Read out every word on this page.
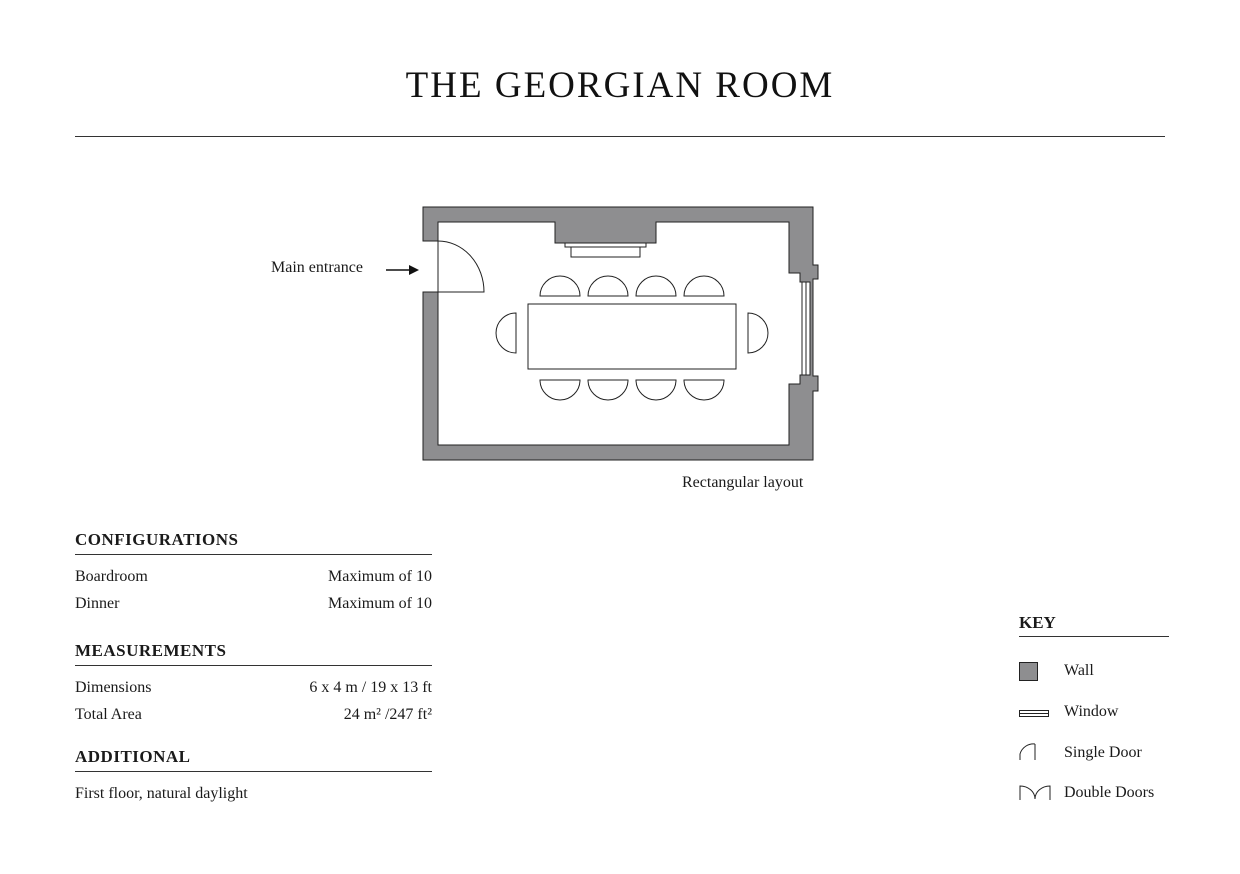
THE GEORGIAN ROOM
Main entrance
Rectangular layout
CONFIGURATIONS
Boardroom	Maximum of 10
Dinner	Maximum of 10
MEASUREMENTS
Dimensions	6 x 4 m / 19 x 13 ft
Total Area	24 m² /247 ft²
ADDITIONAL
First floor, natural daylight
KEY
Wall
Window
Single Door
Double Doors
